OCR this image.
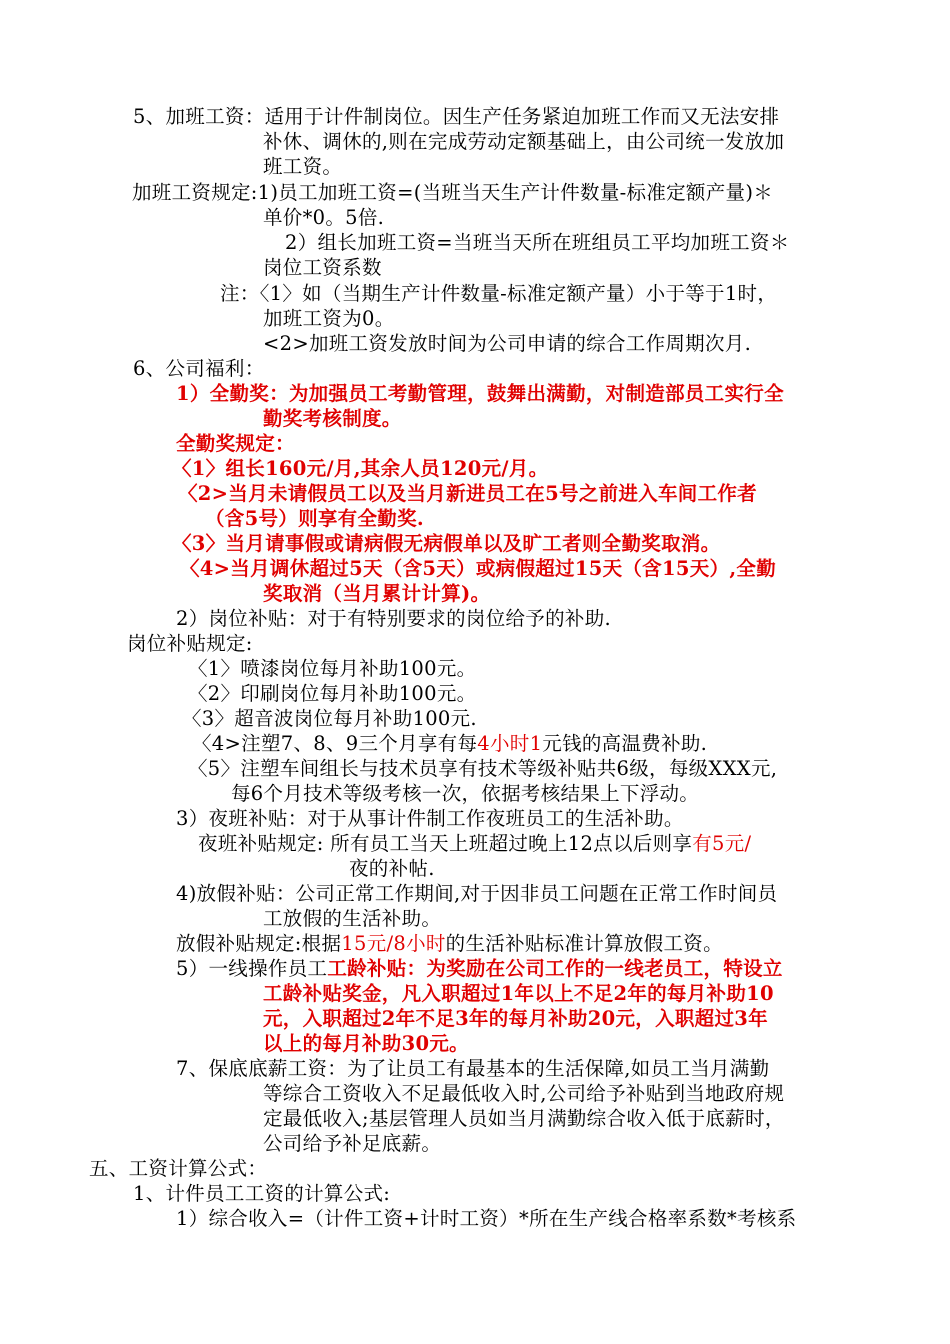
5、加班工资：适用于计件制岗位。因生产任务紧迫加班工作而又无法安排
补休、调休的,则在完成劳动定额基础上，由公司统一发放加
班工资。
加班工资规定:1)员工加班工资=(当班当天生产计件数量-标准定额产量)＊
单价*0。5倍.
2）组长加班工资=当班当天所在班组员工平均加班工资＊
岗位工资系数
注：〈1〉如（当期生产计件数量-标准定额产量）小于等于1时，
加班工资为0。
<2>加班工资发放时间为公司申请的综合工作周期次月.
6、公司福利：
1）全勤奖：为加强员工考勤管理，鼓舞出满勤，对制造部员工实行全
勤奖考核制度。
全勤奖规定：
〈1〉组长160元/月,其余人员120元/月。
〈2>当月未请假员工以及当月新进员工在5号之前进入车间工作者
（含5号）则享有全勤奖.
〈3〉当月请事假或请病假无病假单以及旷工者则全勤奖取消。
〈4>当月调休超过5天（含5天）或病假超过15天（含15天）,全勤
奖取消（当月累计计算)。
2）岗位补贴：对于有特别要求的岗位给予的补助.
岗位补贴规定:
〈1〉喷漆岗位每月补助100元。
〈2〉印刷岗位每月补助100元。
〈3〉超音波岗位每月补助100元.
〈4>注塑7、8、9三个月享有每4小时1元钱的高温费补助.
〈5〉注塑车间组长与技术员享有技术等级补贴共6级，每级XXX元,
每6个月技术等级考核一次，依据考核结果上下浮动。
3）夜班补贴：对于从事计件制工作夜班员工的生活补助。
夜班补贴规定: 所有员工当天上班超过晚上12点以后则享有5元/
夜的补帖.
4)放假补贴：公司正常工作期间,对于因非员工问题在正常工作时间员
工放假的生活补助。
放假补贴规定:根据15元/8小时的生活补贴标准计算放假工资。
5）一线操作员工工龄补贴：为奖励在公司工作的一线老员工，特设立
工龄补贴奖金，凡入职超过1年以上不足2年的每月补助10
元，入职超过2年不足3年的每月补助20元，入职超过3年
以上的每月补助30元。
7、保底底薪工资：为了让员工有最基本的生活保障,如员工当月满勤
等综合工资收入不足最低收入时,公司给予补贴到当地政府规
定最低收入;基层管理人员如当月满勤综合收入低于底薪时，
公司给予补足底薪。
五、工资计算公式：
1、计件员工工资的计算公式:
1）综合收入=（计件工资+计时工资）*所在生产线合格率系数*考核系
